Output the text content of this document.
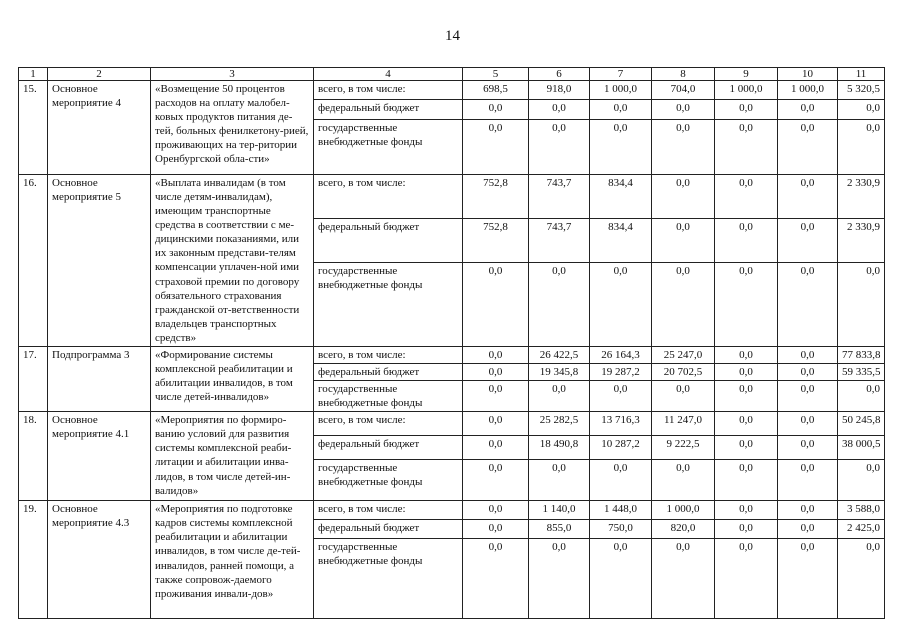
14
1	2	3	4	5	6	7	8	9	10	11
15.	Основное мероприятие 4	«Возмещение 50 процентов расходов на оплату малобел-ковых продуктов питания де-тей, больных фенилкетону-рией, проживающих на тер-ритории Оренбургской обла-сти»	всего, в том числе:	698,5	918,0	1 000,0	704,0	1 000,0	1 000,0	5 320,5
			федеральный бюджет	0,0	0,0	0,0	0,0	0,0	0,0	0,0
			государственные внебюджетные фонды	0,0	0,0	0,0	0,0	0,0	0,0	0,0
16.	Основное мероприятие 5	«Выплата инвалидам (в том числе детям-инвалидам), имеющим транспортные средства в соответствии с ме-дицинскими показаниями, или их законным представи-телям компенсации уплачен-ной ими страховой премии по договору обязательного страхования гражданской от-ветственности владельцев транспортных средств»	всего, в том числе:	752,8	743,7	834,4	0,0	0,0	0,0	2 330,9
			федеральный бюджет	752,8	743,7	834,4	0,0	0,0	0,0	2 330,9
			государственные внебюджетные фонды	0,0	0,0	0,0	0,0	0,0	0,0	0,0
17.	Подпрограмма 3	«Формирование системы комплексной реабилитации и абилитации инвалидов, в том числе детей-инвалидов»	всего, в том числе:	0,0	26 422,5	26 164,3	25 247,0	0,0	0,0	77 833,8
			федеральный бюджет	0,0	19 345,8	19 287,2	20 702,5	0,0	0,0	59 335,5
			государственные внебюджетные фонды	0,0	0,0	0,0	0,0	0,0	0,0	0,0
18.	Основное мероприятие 4.1	«Мероприятия по формиро-ванию условий для развития системы комплексной реаби-литации и абилитации инва-лидов, в том числе детей-ин-валидов»	всего, в том числе:	0,0	25 282,5	13 716,3	11 247,0	0,0	0,0	50 245,8
			федеральный бюджет	0,0	18 490,8	10 287,2	9 222,5	0,0	0,0	38 000,5
			государственные внебюджетные фонды	0,0	0,0	0,0	0,0	0,0	0,0	0,0
19.	Основное мероприятие 4.3	«Мероприятия по подготовке кадров системы комплексной реабилитации и абилитации инвалидов, в том числе де-тей-инвалидов, ранней помощи, а также сопровож-даемого проживания инвали-дов»	всего, в том числе:	0,0	1 140,0	1 448,0	1 000,0	0,0	0,0	3 588,0
			федеральный бюджет	0,0	855,0	750,0	820,0	0,0	0,0	2 425,0
			государственные внебюджетные фонды	0,0	0,0	0,0	0,0	0,0	0,0	0,0
